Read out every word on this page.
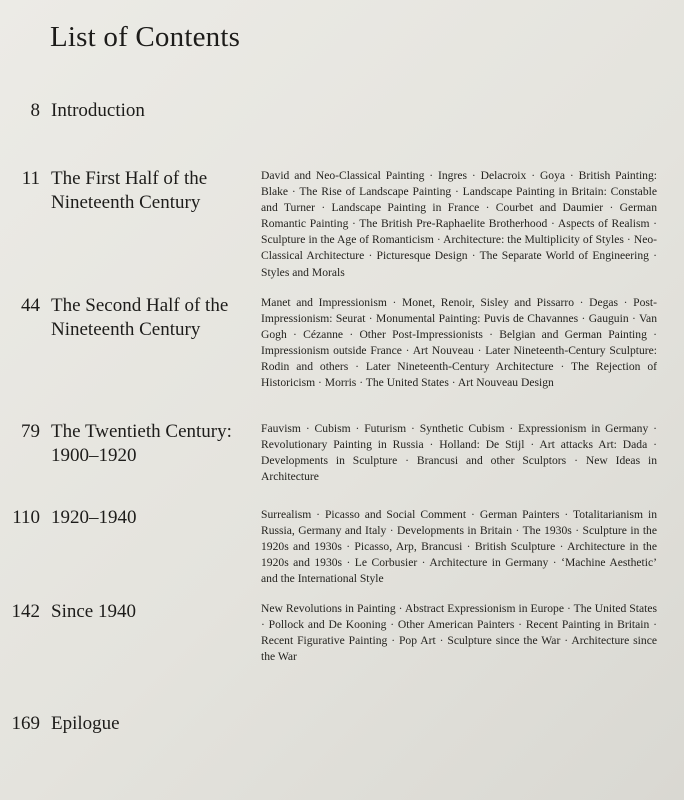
List of Contents
8 Introduction
11 The First Half of the
Nineteenth Century
David and Neo-Classical Painting · Ingres · Delacroix · Goya · British Painting: Blake · The Rise of Landscape Painting · Landscape Painting in Britain: Constable and Turner · Landscape Painting in France · Courbet and Daumier · German Romantic Painting · The British Pre-Raphaelite Brotherhood · Aspects of Realism · Sculpture in the Age of Romanticism · Architecture: the Multiplicity of Styles · Neo-Classical Architecture · Picturesque Design · The Separate World of Engineering · Styles and Morals
44 The Second Half of the
Nineteenth Century
Manet and Impressionism · Monet, Renoir, Sisley and Pissarro · Degas · Post-Impressionism: Seurat · Monumental Painting: Puvis de Chavannes · Gauguin · Van Gogh · Cézanne · Other Post-Impressionists · Belgian and German Painting · Impressionism outside France · Art Nouveau · Later Nineteenth-Century Sculpture: Rodin and others · Later Nineteenth-Century Architecture · The Rejection of Historicism · Morris · The United States · Art Nouveau Design
79 The Twentieth Century:
1900–1920
Fauvism · Cubism · Futurism · Synthetic Cubism · Expressionism in Germany · Revolutionary Painting in Russia · Holland: De Stijl · Art attacks Art: Dada · Developments in Sculpture · Brancusi and other Sculptors · New Ideas in Architecture
110 1920–1940	Surrealism · Picasso and Social Comment · German Painters · Totalitarianism in Russia, Germany and Italy · Developments in Britain · The 1930s · Sculpture in the 1920s and 1930s · Picasso, Arp, Brancusi · British Sculpture · Architecture in the 1920s and 1930s · Le Corbusier · Architecture in Germany · ‘Machine Aesthetic’ and the International Style
142 Since 1940	New Revolutions in Painting · Abstract Expressionism in Europe · The United States · Pollock and De Kooning · Other American Painters · Recent Painting in Britain · Recent Figurative Painting · Pop Art · Sculpture since the War · Architecture since the War
169 Epilogue
